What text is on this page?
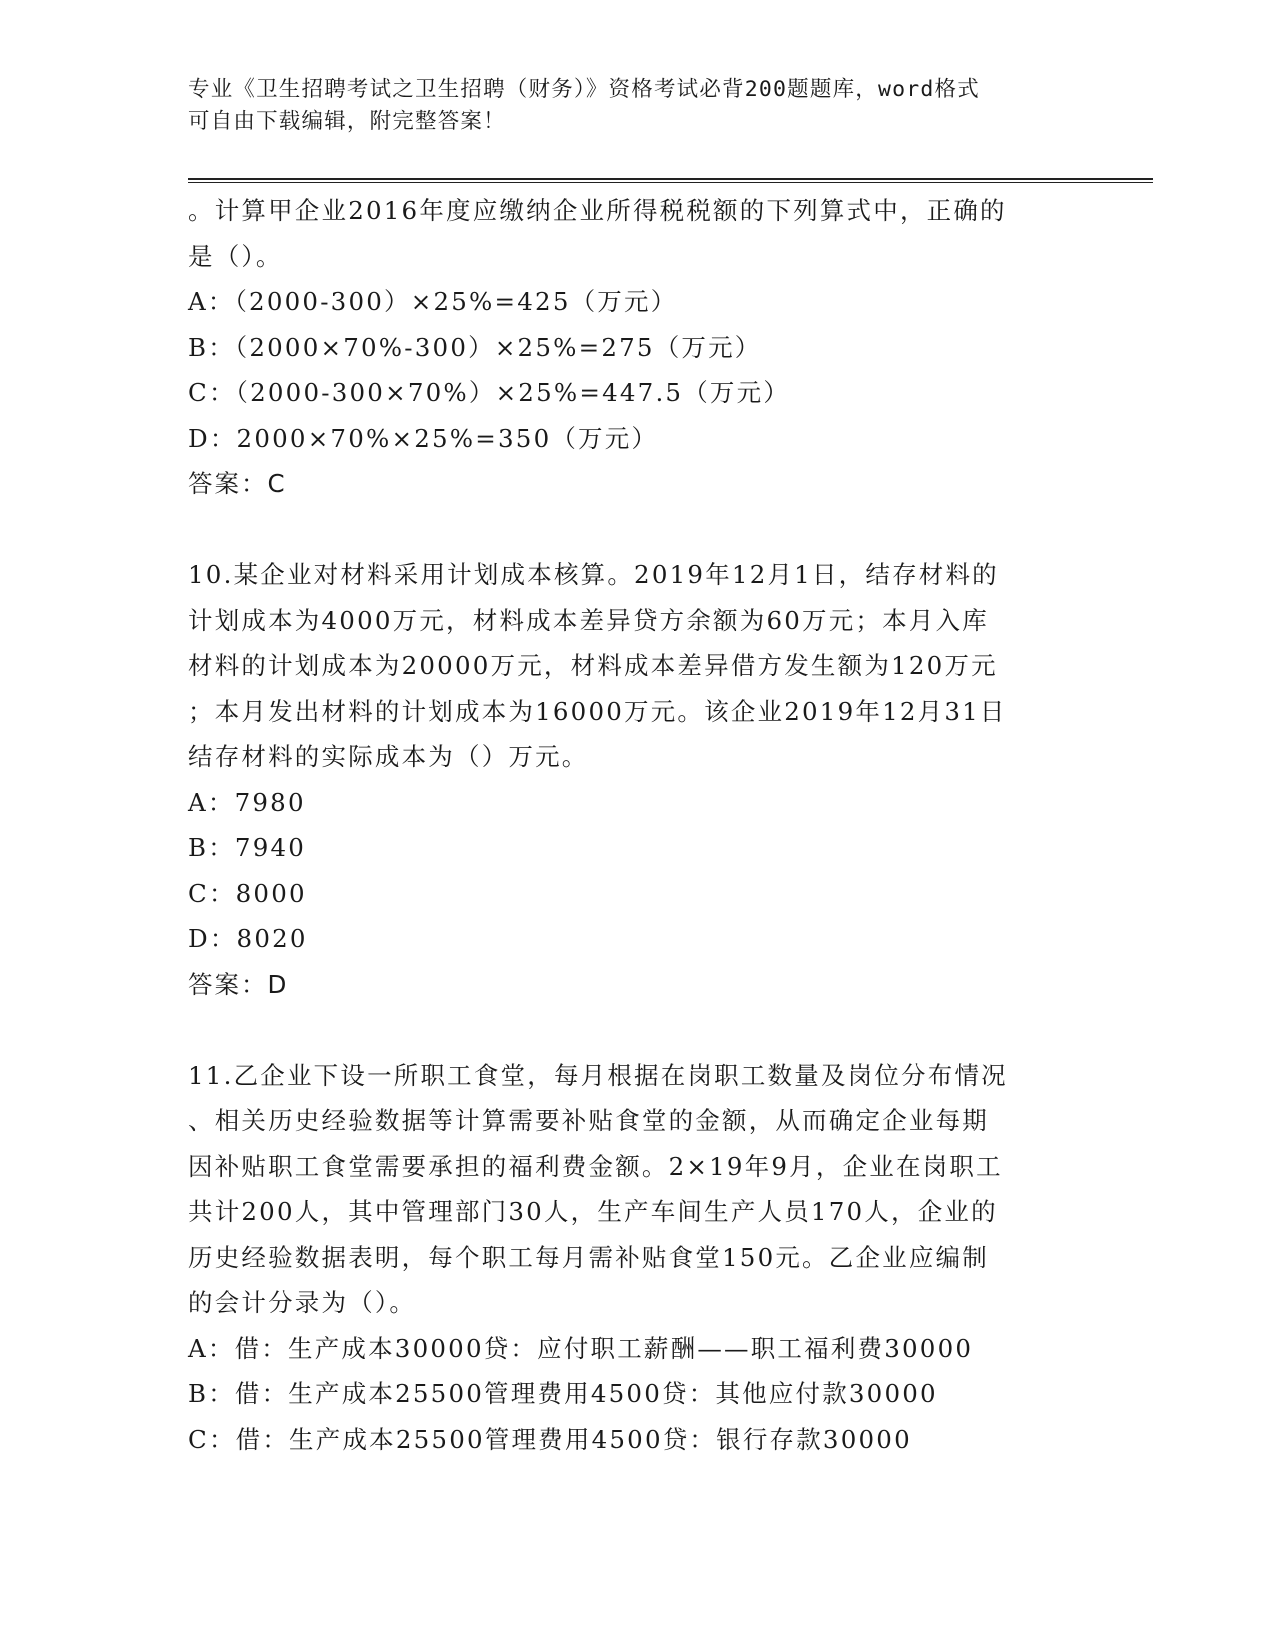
专业《卫生招聘考试之卫生招聘（财务）》资格考试必背200题题库，word格式
可自由下载编辑，附完整答案！
。计算甲企业2016年度应缴纳企业所得税税额的下列算式中，正确的
是（）。
A：（2000-300）×25%=425（万元）
B：（2000×70%-300）×25%=275（万元）
C：（2000-300×70%）×25%=447.5（万元）
D：2000×70%×25%=350（万元）
答案：C
10.某企业对材料采用计划成本核算。2019年12月1日，结存材料的
计划成本为4000万元，材料成本差异贷方余额为60万元；本月入库
材料的计划成本为20000万元，材料成本差异借方发生额为120万元
；本月发出材料的计划成本为16000万元。该企业2019年12月31日
结存材料的实际成本为（）万元。
A：7980
B：7940
C：8000
D：8020
答案：D
11.乙企业下设一所职工食堂，每月根据在岗职工数量及岗位分布情况
、相关历史经验数据等计算需要补贴食堂的金额，从而确定企业每期
因补贴职工食堂需要承担的福利费金额。2×19年9月，企业在岗职工
共计200人，其中管理部门30人，生产车间生产人员170人，企业的
历史经验数据表明，每个职工每月需补贴食堂150元。乙企业应编制
的会计分录为（）。
A：借：生产成本30000贷：应付职工薪酬——职工福利费30000
B：借：生产成本25500管理费用4500贷：其他应付款30000
C：借：生产成本25500管理费用4500贷：银行存款30000
